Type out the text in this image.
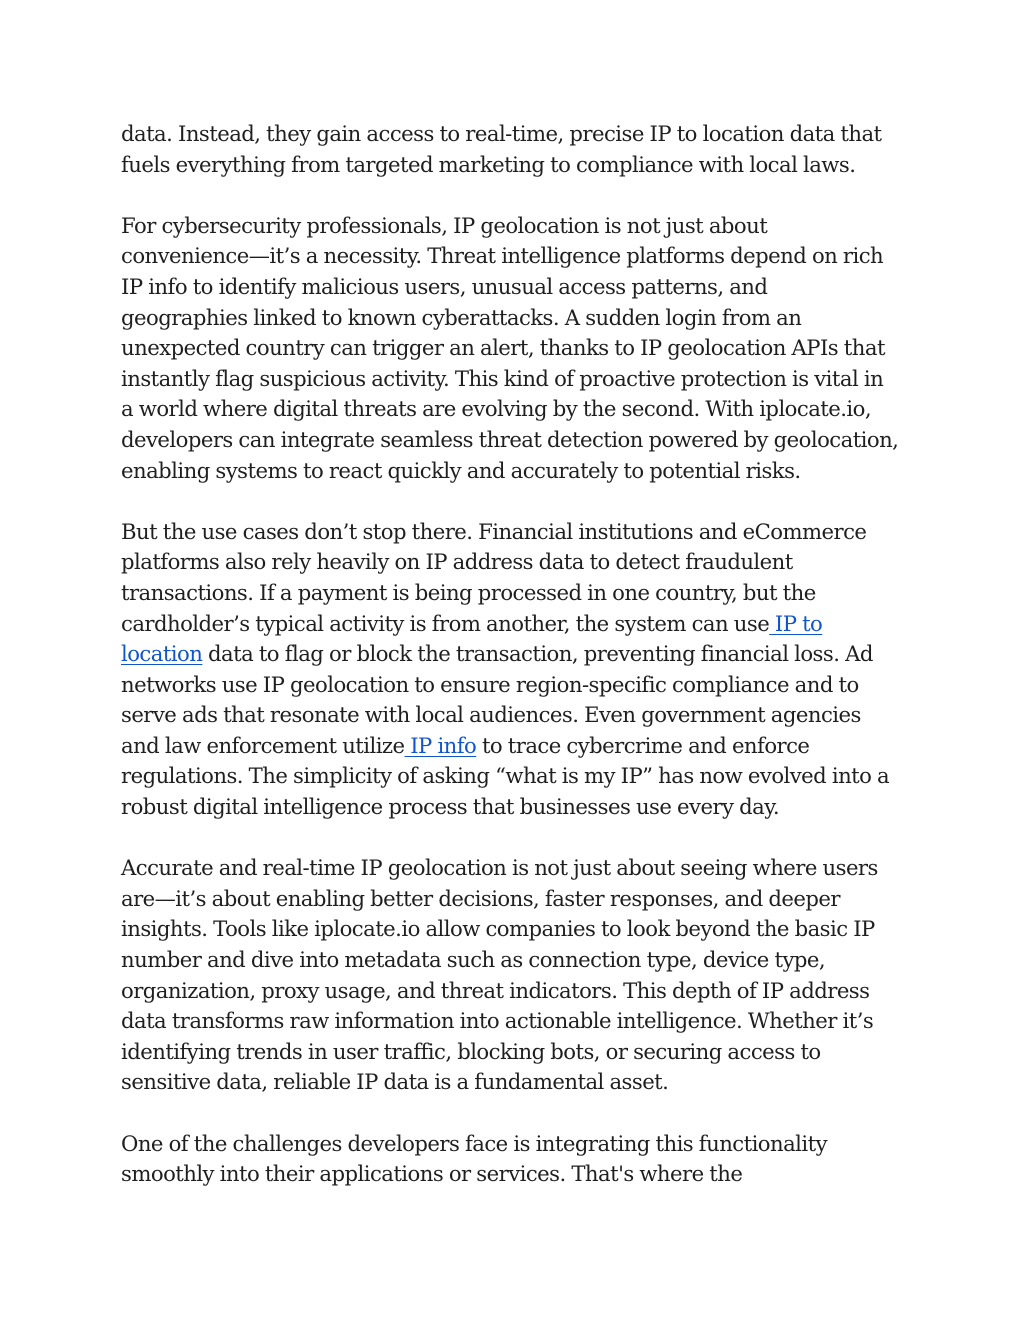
data. Instead, they gain access to real-time, precise IP to location data that
fuels everything from targeted marketing to compliance with local laws.
For cybersecurity professionals, IP geolocation is not just about
convenience—it’s a necessity. Threat intelligence platforms depend on rich
IP info to identify malicious users, unusual access patterns, and
geographies linked to known cyberattacks. A sudden login from an
unexpected country can trigger an alert, thanks to IP geolocation APIs that
instantly flag suspicious activity. This kind of proactive protection is vital in
a world where digital threats are evolving by the second. With iplocate.io,
developers can integrate seamless threat detection powered by geolocation,
enabling systems to react quickly and accurately to potential risks.
But the use cases don’t stop there. Financial institutions and eCommerce
platforms also rely heavily on IP address data to detect fraudulent
transactions. If a payment is being processed in one country, but the
cardholder’s typical activity is from another, the system can use IP to
location data to flag or block the transaction, preventing financial loss. Ad
networks use IP geolocation to ensure region-specific compliance and to
serve ads that resonate with local audiences. Even government agencies
and law enforcement utilize IP info to trace cybercrime and enforce
regulations. The simplicity of asking “what is my IP” has now evolved into a
robust digital intelligence process that businesses use every day.
Accurate and real-time IP geolocation is not just about seeing where users
are—it’s about enabling better decisions, faster responses, and deeper
insights. Tools like iplocate.io allow companies to look beyond the basic IP
number and dive into metadata such as connection type, device type,
organization, proxy usage, and threat indicators. This depth of IP address
data transforms raw information into actionable intelligence. Whether it’s
identifying trends in user traffic, blocking bots, or securing access to
sensitive data, reliable IP data is a fundamental asset.
One of the challenges developers face is integrating this functionality
smoothly into their applications or services. That's where the
